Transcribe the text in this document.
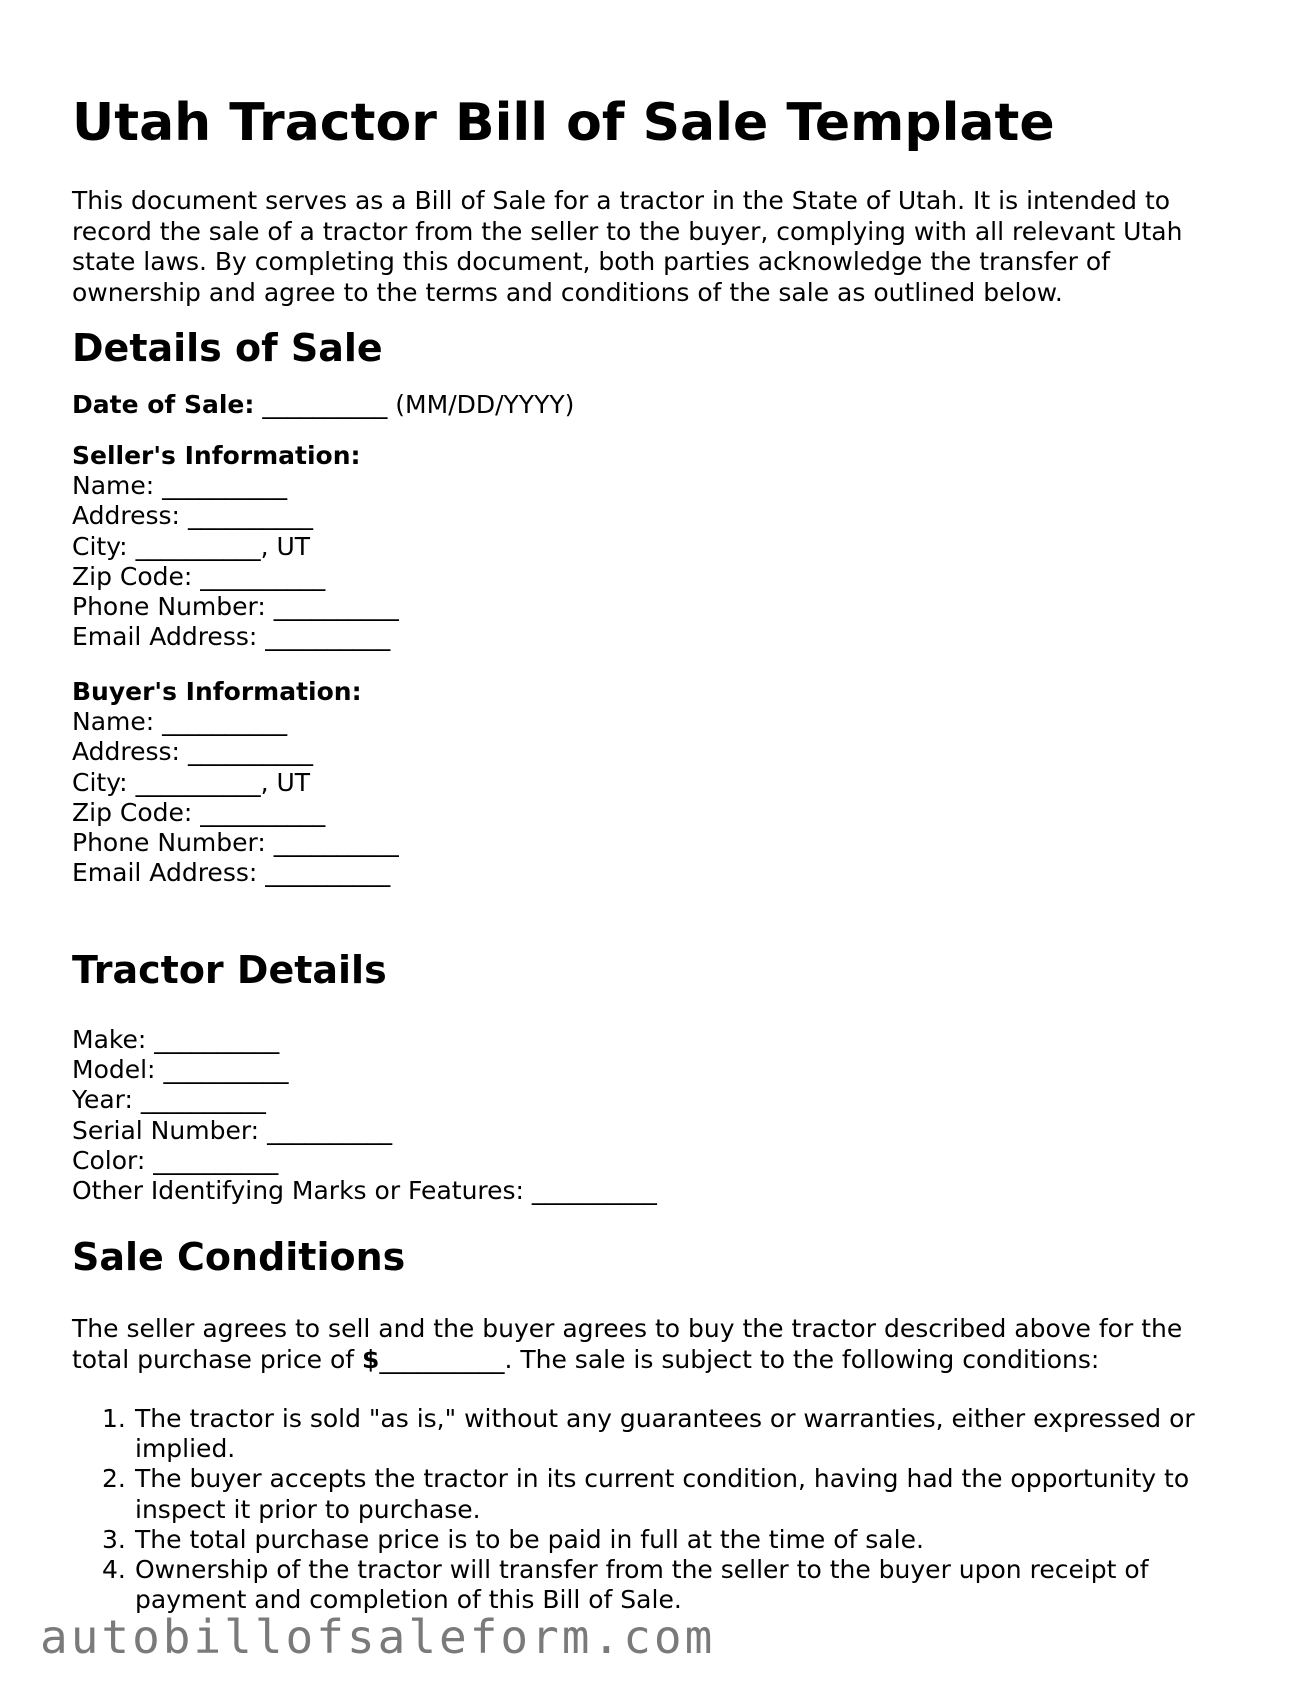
Utah Tractor Bill of Sale Template

This document serves as a Bill of Sale for a tractor in the State of Utah. It is intended to record the sale of a tractor from the seller to the buyer, complying with all relevant Utah state laws. By completing this document, both parties acknowledge the transfer of ownership and agree to the terms and conditions of the sale as outlined below.

Details of Sale
Date of Sale: __________ (MM/DD/YYYY)
Seller's Information:
Name: __________
Address: __________
City: __________, UT
Zip Code: __________
Phone Number: __________
Email Address: __________
Buyer's Information:
Name: __________
Address: __________
City: __________, UT
Zip Code: __________
Phone Number: __________
Email Address: __________
Tractor Details
Make: __________
Model: __________
Year: __________
Serial Number: __________
Color: __________
Other Identifying Marks or Features: __________
Sale Conditions

The seller agrees to sell and the buyer agrees to buy the tractor described above for the total purchase price of $__________. The sale is subject to the following conditions:

1. The tractor is sold "as is," without any guarantees or warranties, either expressed or implied.
2. The buyer accepts the tractor in its current condition, having had the opportunity to inspect it prior to purchase.
3. The total purchase price is to be paid in full at the time of sale.
4. Ownership of the tractor will transfer from the seller to the buyer upon receipt of payment and completion of this Bill of Sale.
autobillofsaleform.com
